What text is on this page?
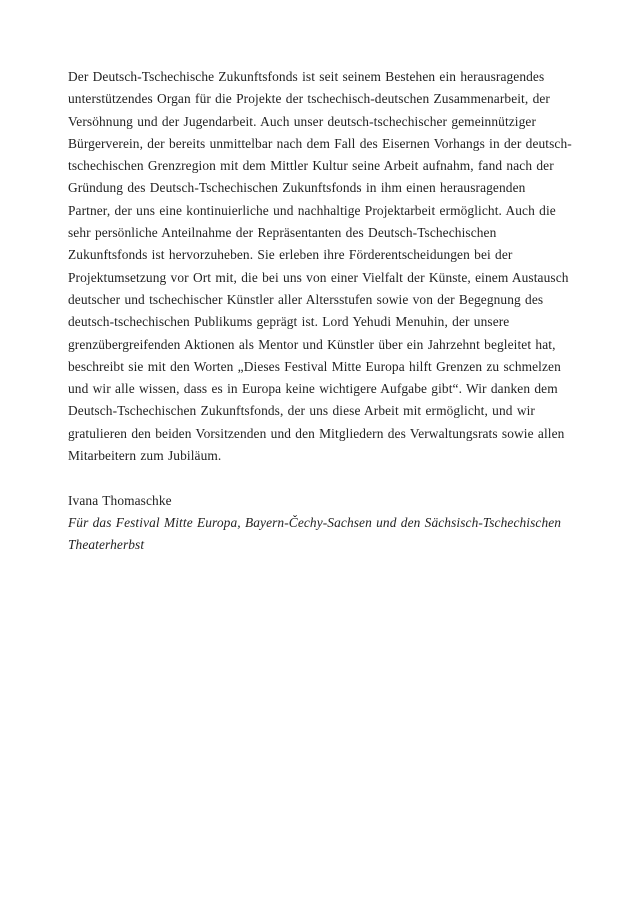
Der Deutsch-Tschechische Zukunftsfonds ist seit seinem Bestehen ein herausragendes
unterstützendes Organ für die Projekte der tschechisch-deutschen Zusammenarbeit, der
Versöhnung und der Jugendarbeit. Auch unser deutsch-tschechischer gemeinnütziger
Bürgerverein, der bereits unmittelbar nach dem Fall des Eisernen Vorhangs in der deutsch-
tschechischen Grenzregion mit dem Mittler Kultur seine Arbeit aufnahm, fand nach der
Gründung des Deutsch-Tschechischen Zukunftsfonds in ihm einen herausragenden
Partner, der uns eine kontinuierliche und nachhaltige Projektarbeit ermöglicht. Auch die
sehr persönliche Anteilnahme der Repräsentanten des Deutsch-Tschechischen
Zukunftsfonds ist hervorzuheben. Sie erleben ihre Förderentscheidungen bei der
Projektumsetzung vor Ort mit, die bei uns von einer Vielfalt der Künste, einem Austausch
deutscher und tschechischer Künstler aller Altersstufen sowie von der Begegnung des
deutsch-tschechischen Publikums geprägt ist. Lord Yehudi Menuhin, der unsere
grenzübergreifenden Aktionen als Mentor und Künstler über ein Jahrzehnt begleitet hat,
beschreibt sie mit den Worten „Dieses Festival Mitte Europa hilft Grenzen zu schmelzen
und wir alle wissen, dass es in Europa keine wichtigere Aufgabe gibt“. Wir danken dem
Deutsch-Tschechischen Zukunftsfonds, der uns diese Arbeit mit ermöglicht, und wir
gratulieren den beiden Vorsitzenden und den Mitgliedern des Verwaltungsrats sowie allen
Mitarbeitern zum Jubiläum.
Ivana Thomaschke
Für das Festival Mitte Europa, Bayern-Čechy-Sachsen und den Sächsisch-Tschechischen
Theaterherbst
